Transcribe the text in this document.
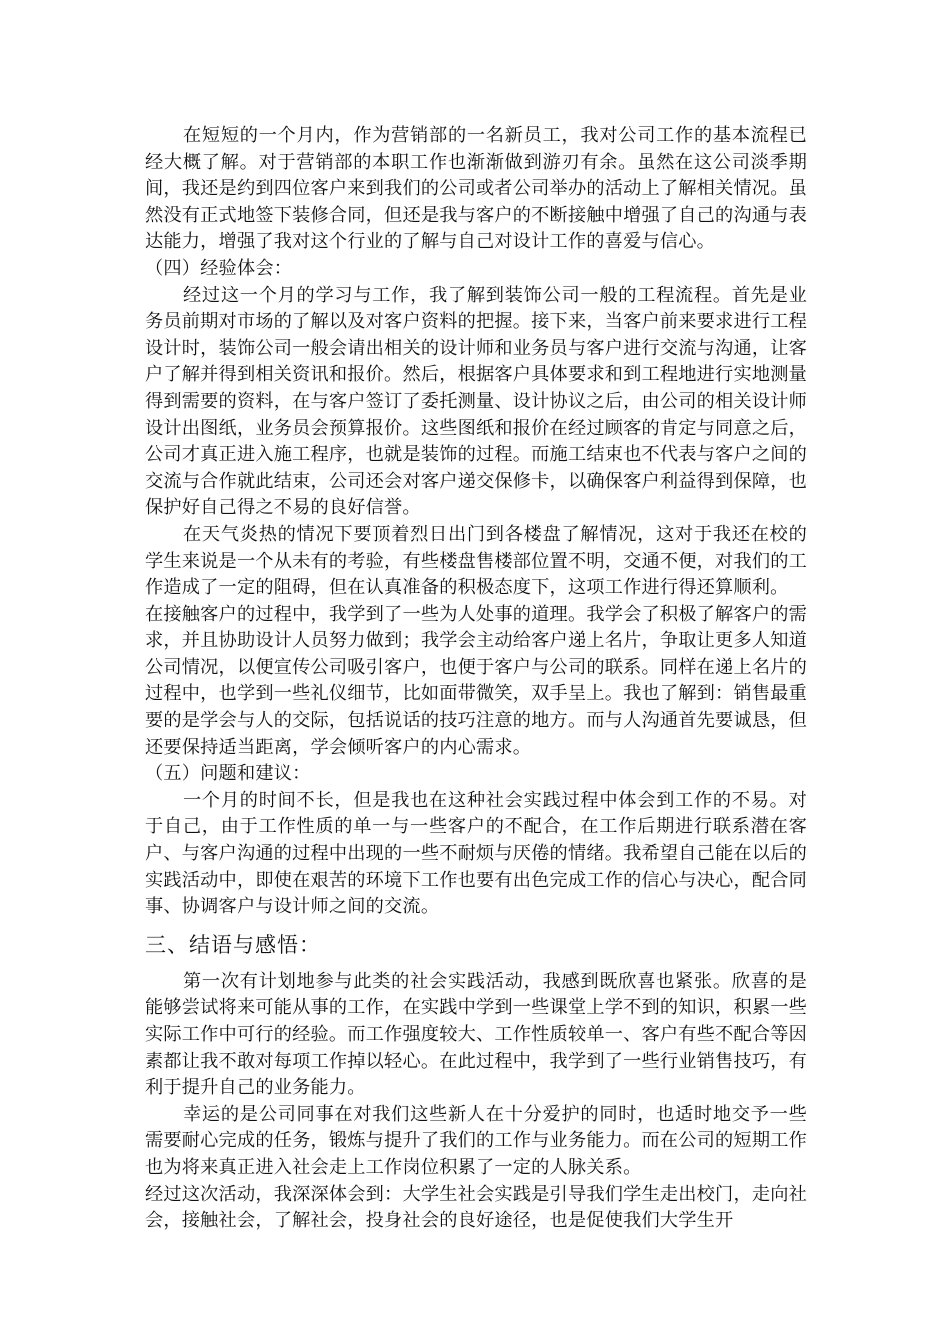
在短短的一个月内，作为营销部的一名新员工，我对公司工作的基本流程已经大概了解。对于营销部的本职工作也渐渐做到游刃有余。虽然在这公司淡季期间，我还是约到四位客户来到我们的公司或者公司举办的活动上了解相关情况。虽然没有正式地签下装修合同，但还是我与客户的不断接触中增强了自己的沟通与表达能力，增强了我对这个行业的了解与自己对设计工作的喜爱与信心。

（四）经验体会：

经过这一个月的学习与工作，我了解到装饰公司一般的工程流程。首先是业务员前期对市场的了解以及对客户资料的把握。接下来，当客户前来要求进行工程设计时，装饰公司一般会请出相关的设计师和业务员与客户进行交流与沟通，让客户了解并得到相关资讯和报价。然后，根据客户具体要求和到工程地进行实地测量得到需要的资料，在与客户签订了委托测量、设计协议之后，由公司的相关设计师设计出图纸，业务员会预算报价。这些图纸和报价在经过顾客的肯定与同意之后，公司才真正进入施工程序，也就是装饰的过程。而施工结束也不代表与客户之间的交流与合作就此结束，公司还会对客户递交保修卡，以确保客户利益得到保障，也保护好自己得之不易的良好信誉。

在天气炎热的情况下要顶着烈日出门到各楼盘了解情况，这对于我还在校的学生来说是一个从未有的考验，有些楼盘售楼部位置不明，交通不便，对我们的工作造成了一定的阻碍，但在认真准备的积极态度下，这项工作进行得还算顺利。

在接触客户的过程中，我学到了一些为人处事的道理。我学会了积极了解客户的需求，并且协助设计人员努力做到；我学会主动给客户递上名片，争取让更多人知道公司情况，以便宣传公司吸引客户，也便于客户与公司的联系。同样在递上名片的过程中，也学到一些礼仪细节，比如面带微笑，双手呈上。我也了解到：销售最重要的是学会与人的交际，包括说话的技巧注意的地方。而与人沟通首先要诚恳，但还要保持适当距离，学会倾听客户的内心需求。

（五）问题和建议：

一个月的时间不长，但是我也在这种社会实践过程中体会到工作的不易。对于自己，由于工作性质的单一与一些客户的不配合，在工作后期进行联系潜在客户、与客户沟通的过程中出现的一些不耐烦与厌倦的情绪。我希望自己能在以后的实践活动中，即使在艰苦的环境下工作也要有出色完成工作的信心与决心，配合同事、协调客户与设计师之间的交流。

三、结语与感悟：

第一次有计划地参与此类的社会实践活动，我感到既欣喜也紧张。欣喜的是能够尝试将来可能从事的工作，在实践中学到一些课堂上学不到的知识，积累一些实际工作中可行的经验。而工作强度较大、工作性质较单一、客户有些不配合等因素都让我不敢对每项工作掉以轻心。在此过程中，我学到了一些行业销售技巧，有利于提升自己的业务能力。

幸运的是公司同事在对我们这些新人在十分爱护的同时，也适时地交予一些需要耐心完成的任务，锻炼与提升了我们的工作与业务能力。而在公司的短期工作也为将来真正进入社会走上工作岗位积累了一定的人脉关系。

经过这次活动，我深深体会到：大学生社会实践是引导我们学生走出校门，走向社会，接触社会，了解社会，投身社会的良好途径，也是促使我们大学生开
